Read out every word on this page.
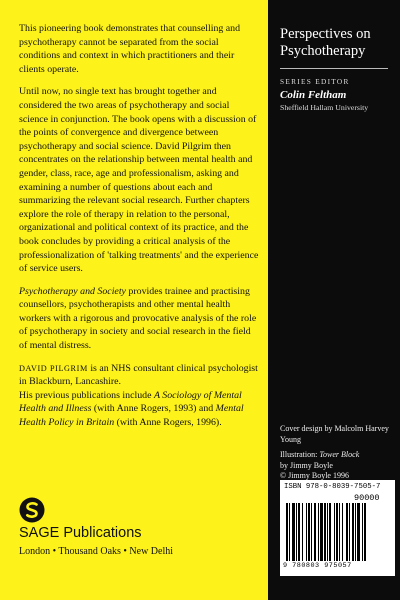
This pioneering book demonstrates that counselling and psychotherapy cannot be separated from the social conditions and context in which practitioners and their clients operate.

Until now, no single text has brought together and considered the two areas of psychotherapy and social science in conjunction. The book opens with a discussion of the points of convergence and divergence between psychotherapy and social science. David Pilgrim then concentrates on the relationship between mental health and gender, class, race, age and professionalism, asking and examining a number of questions about each and summarizing the relevant social research. Further chapters explore the role of therapy in relation to the personal, organizational and political context of its practice, and the book concludes by providing a critical analysis of the professionalization of 'talking treatments' and the experience of service users.

Psychotherapy and Society provides trainee and practising counsellors, psychotherapists and other mental health workers with a rigorous and provocative analysis of the role of psychotherapy in society and social research in the field of mental distress.

DAVID PILGRIM is an NHS consultant clinical psychologist in Blackburn, Lancashire.
His previous publications include A Sociology of Mental Health and Illness (with Anne Rogers, 1993) and Mental Health Policy in Britain (with Anne Rogers, 1996).

SAGE Publications
London • Thousand Oaks • New Delhi
Perspectives on Psychotherapy
SERIES EDITOR
Colin Feltham
Sheffield Hallam University
Cover design by Malcolm Harvey Young
Illustration: Tower Block
by Jimmy Boyle
© Jimmy Boyle 1996
ISBN 978-0-8039-7505-7
90000
9 780803 975057
